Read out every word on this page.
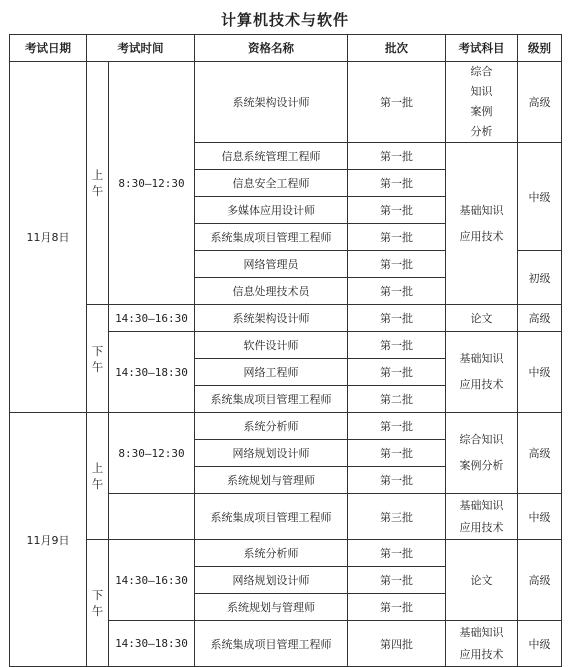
计算机技术与软件
考试日期	考试时间		资格名称	批次	考试科目	级别
11月8日	上午	8:30—12:30	系统架构设计师	第一批	综合知识 案例分析	高级
			信息系统管理工程师	第一批	基础知识 应用技术	中级
			信息安全工程师	第一批		
			多媒体应用设计师	第一批		
			系统集成项目管理工程师	第一批		
			网络管理员	第一批		初级
			信息处理技术员	第一批		
	下午	14:30—16:30	系统架构设计师	第一批	论文	高级
		14:30—18:30	软件设计师	第一批	基础知识 应用技术	中级
			网络工程师	第一批		
			系统集成项目管理工程师	第二批		
11月9日	上午	8:30—12:30	系统分析师	第一批	综合知识 案例分析	高级
			网络规划设计师	第一批		
			系统规划与管理师	第一批		
			系统集成项目管理工程师	第三批	基础知识 应用技术	中级
	下午	14:30—16:30	系统分析师	第一批	论文	高级
			网络规划设计师	第一批		
			系统规划与管理师	第一批		
		14:30—18:30	系统集成项目管理工程师	第四批	基础知识 应用技术	中级
